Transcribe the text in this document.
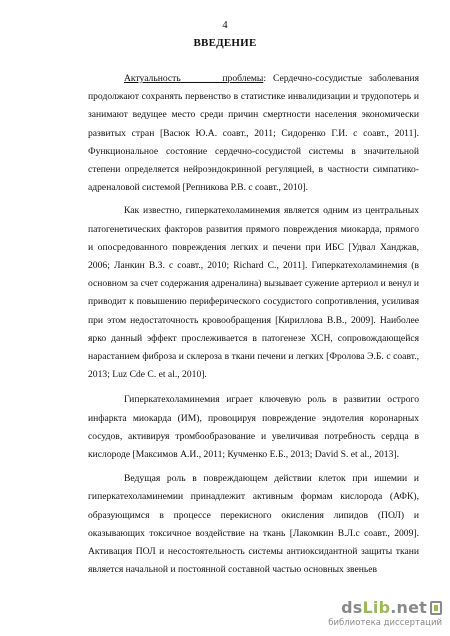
4
ВВЕДЕНИЕ

Актуальность	проблемы: Сердечно-сосудистые заболевания продолжают сохранять первенство в статистике инвалидизации и трудопотерь и занимают ведущее место среди причин смертности населения экономически развитых стран [Васюк Ю.А. соавт., 2011; Сидоренко Г.И. с соавт., 2011]. Функциональное состояние сердечно-сосудистой системы в значительной степени определяется нейроэндокринной регуляцией, в частности симпатико-адреналовой системой [Репникова Р.В. с соавт., 2010].

Как известно, гиперкатехоламинемия является одним из центральных патогенетических факторов развития прямого повреждения миокарда, прямого и опосредованного повреждения легких и печени при ИБС [Удвал Ханджав, 2006; Ланкин В.З. с соавт., 2010; Richard C., 2011]. Гиперкатехоламинемия (в основном за счет содержания адреналина) вызывает сужение артериол и венул и приводит к повышению периферического сосудистого сопротивления, усиливая при этом недостаточность кровообращения [Кириллова В.В., 2009]. Наиболее ярко данный эффект прослеживается в патогенезе ХСН, сопровождающейся нарастанием фиброза и склероза в ткани печени и легких [Фролова Э.Б. с соавт., 2013; Luz Cde C. et al., 2010].

Гиперкатехоламинемия играет ключевую роль в развитии острого инфаркта миокарда (ИМ), провоцируя повреждение эндотелия коронарных сосудов, активируя тромбообразование и увеличивая потребность сердца в кислороде [Максимов А.И., 2011; Кучменко Е.Б., 2013; David S. et al., 2013].

Ведущая роль в повреждающем действии клеток при ишемии и гиперкатехоламинемии принадлежит активным формам кислорода (АФК), образующимся в процессе перекисного окисления липидов (ПОЛ) и оказывающих токсичное воздействие на ткань [Лакомкин В.Л.с соавт., 2009]. Активация ПОЛ и несостоятельность системы антиоксидантной защиты ткани является начальной и постоянной составной частью основных звеньев

dsLib.net
библиотека диссертаций
